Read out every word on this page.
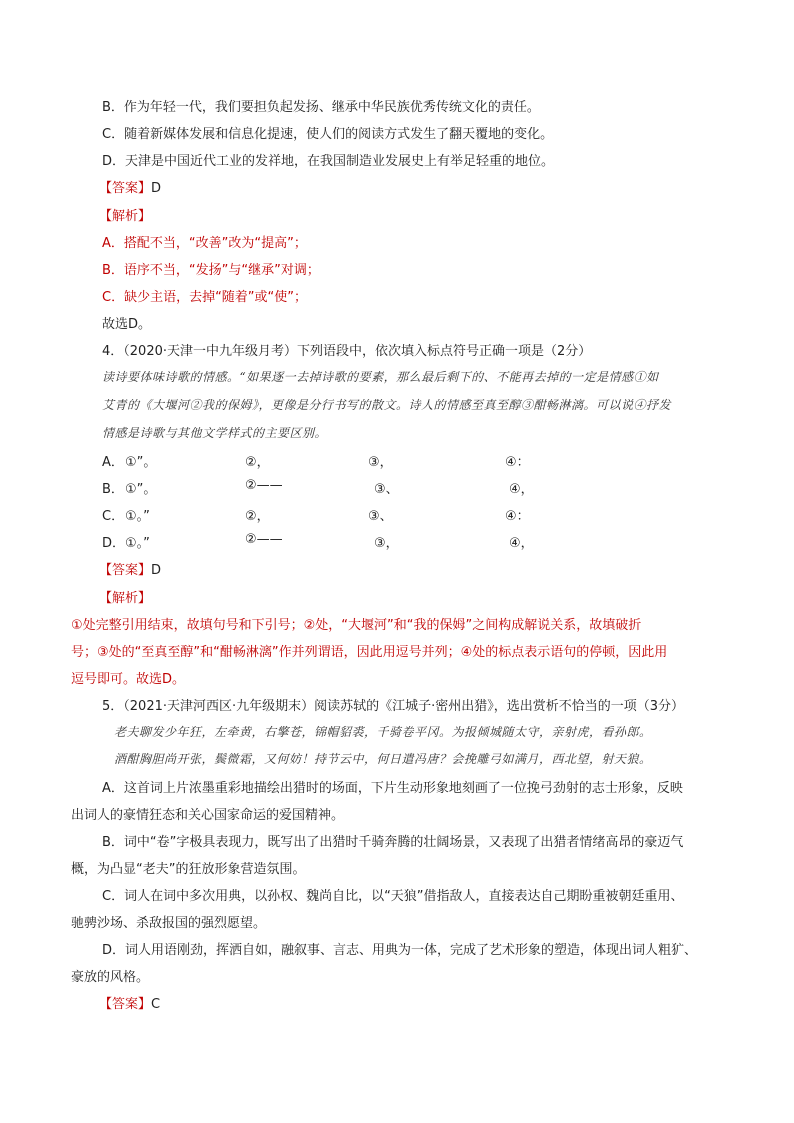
B．作为年轻一代，我们要担负起发扬、继承中华民族优秀传统文化的责任。
C．随着新媒体发展和信息化提速，使人们的阅读方式发生了翻天覆地的变化。
D．天津是中国近代工业的发祥地，在我国制造业发展史上有举足轻重的地位。
【答案】D
【解析】
A．搭配不当，“改善”改为“提高”；
B．语序不当，“发扬”与“继承”对调；
C．缺少主语，去掉“随着”或“使”；
故选D。
4．（2020·天津一中九年级月考）下列语段中，依次填入标点符号正确一项是（2分）
读诗要体味诗歌的情感。“如果逐一去掉诗歌的要素，那么最后剩下的、不能再去掉的一定是情感①如
艾青的《大堰河②我的保姆》，更像是分行书写的散文。诗人的情感至真至醇③酣畅淋漓。可以说④抒发
情感是诗歌与其他文学样式的主要区别。
A． ①”。	②，	③，	④：
B． ①”。	②——	③、	④，
C． ①。”	②，	③、	④：
D． ①。”	②——	③，	④，
【答案】D
【解析】
①处完整引用结束，故填句号和下引号；②处，“大堰河”和“我的保姆”之间构成解说关系，故填破折
号；③处的“至真至醇”和“酣畅淋漓”作并列谓语，因此用逗号并列；④处的标点表示语句的停顿，因此用
逗号即可。故选D。
5．（2021·天津河西区·九年级期末）阅读苏轼的《江城子·密州出猎》，选出赏析不恰当的一项（3分）
老夫聊发少年狂，左牵黄，右擎苍，锦帽貂裘，千骑卷平冈。为报倾城随太守，亲射虎，看孙郎。
酒酣胸胆尚开张，鬓微霜，又何妨！持节云中，何日遣冯唐？会挽雕弓如满月，西北望，射天狼。
A．这首词上片浓墨重彩地描绘出猎时的场面，下片生动形象地刻画了一位挽弓劲射的志士形象，反映
出词人的豪情狂态和关心国家命运的爱国精神。
B．词中“卷”字极具表现力，既写出了出猎时千骑奔腾的壮阔场景，又表现了出猎者情绪高昂的豪迈气
概，为凸显“老夫”的狂放形象营造氛围。
C．词人在词中多次用典，以孙权、魏尚自比，以“天狼”借指敌人，直接表达自己期盼重被朝廷重用、
驰骋沙场、杀敌报国的强烈愿望。
D．词人用语刚劲，挥洒自如，融叙事、言志、用典为一体，完成了艺术形象的塑造，体现出词人粗犷、
豪放的风格。
【答案】C
